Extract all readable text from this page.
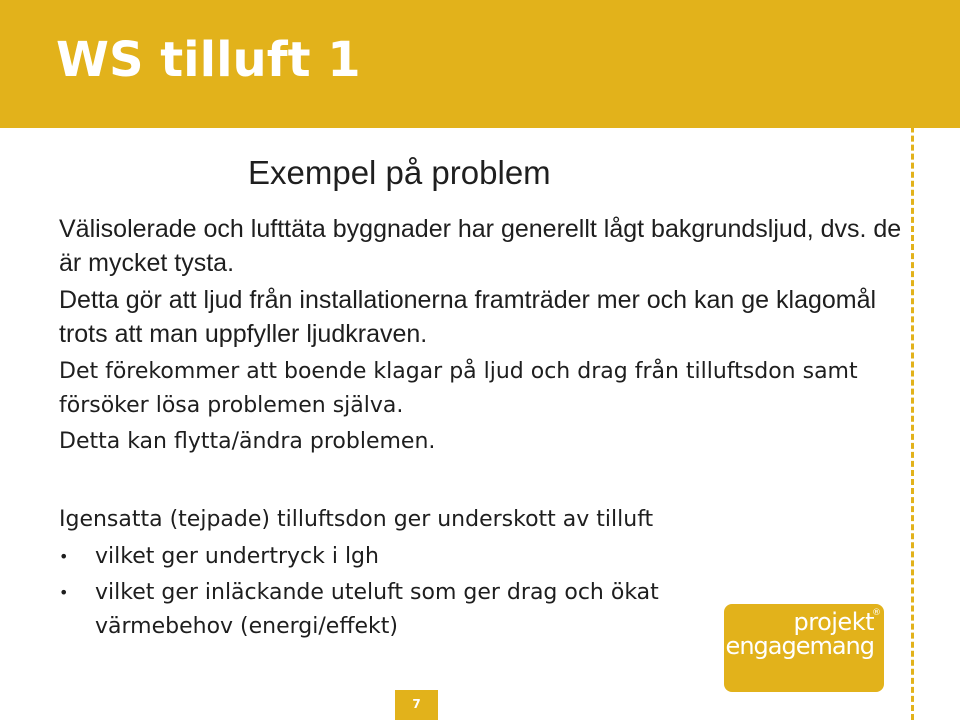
WS tilluft 1
Exempel på problem

Välisolerade och lufttäta byggnader har generellt lågt bakgrundsljud, dvs. de är mycket tysta.

Detta gör att ljud från installationerna framträder mer och kan ge klagomål trots att man uppfyller ljudkraven.

Det förekommer att boende klagar på ljud och drag från tilluftsdon samt försöker lösa problemen själva.

Detta kan flytta/ändra problemen.

Igensatta (tejpade) tilluftsdon ger underskott av tilluft

• vilket ger undertryck i lgh
• vilket ger inläckande uteluft som ger drag och ökat värmebehov (energi/effekt)	projekt
engagemang
®
7
